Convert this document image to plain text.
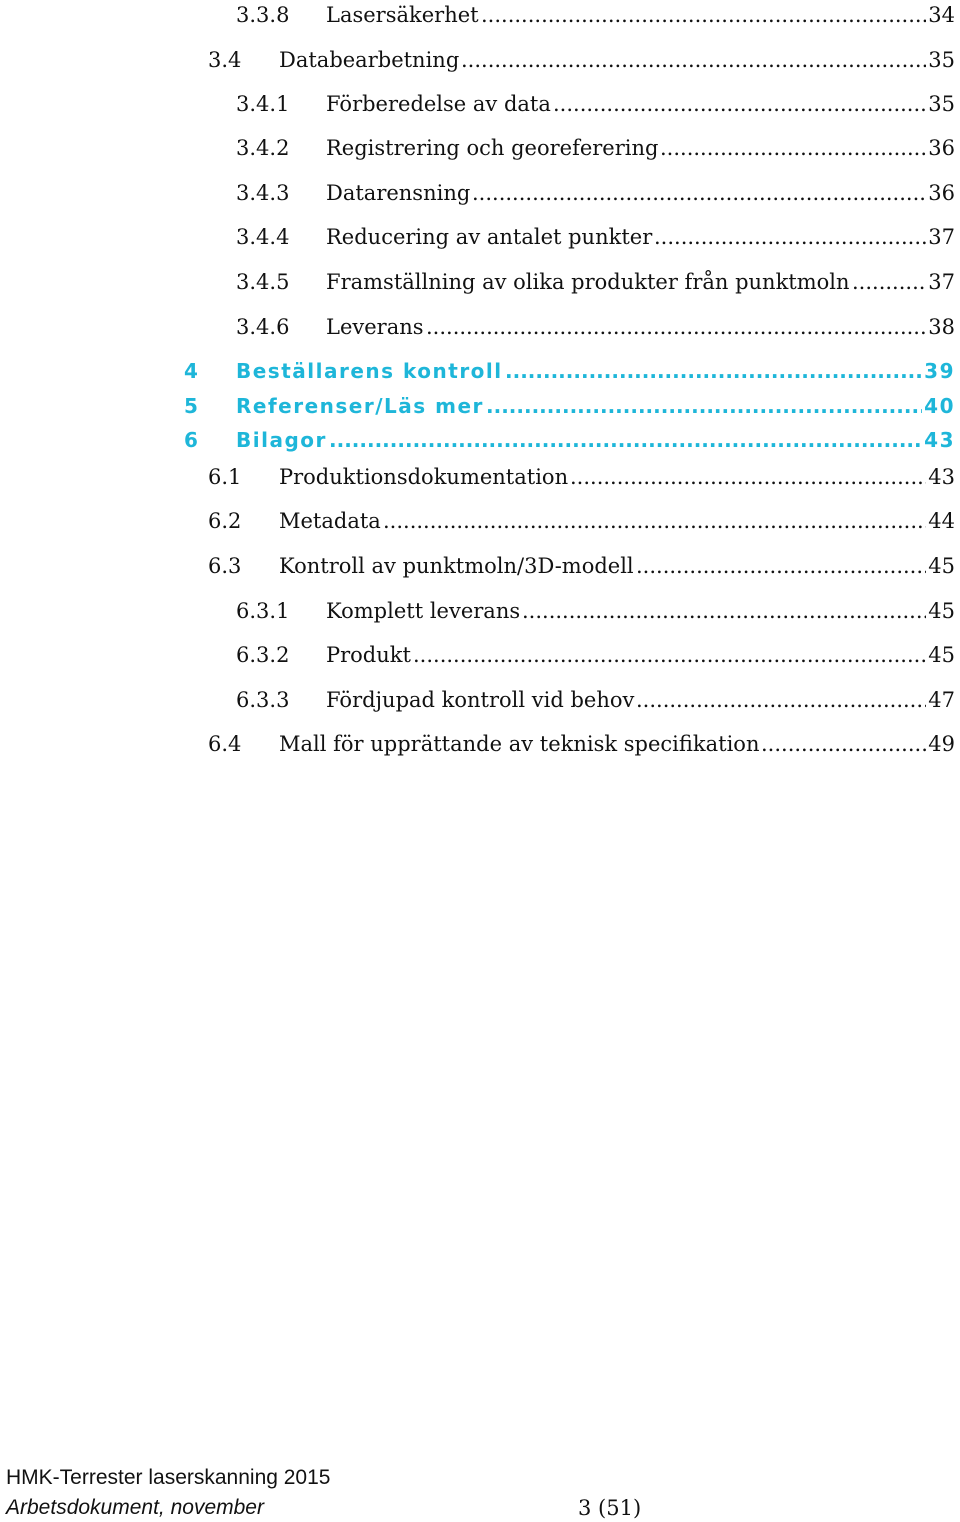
3.3.8 Lasersäkerhet .....	34
3.4 Databearbetning .....	35
3.4.1 Förberedelse av data .....	35
3.4.2 Registrering och georeferering .....	36
3.4.3 Datarensning .....	36
3.4.4 Reducering av antalet punkter .....	37
3.4.5 Framställning av olika produkter från punktmoln .....	37
3.4.6 Leverans .....	38
4 Beställarens kontroll .....	39
5 Referenser/Läs mer .....	40
6 Bilagor .....	43
6.1 Produktionsdokumentation .....	43
6.2 Metadata .....	44
6.3 Kontroll av punktmoln/3D-modell .....	45
6.3.1 Komplett leverans .....	45
6.3.2 Produkt .....	45
6.3.3 Fördjupad kontroll vid behov .....	47
6.4 Mall för upprättande av teknisk specifikation .....	49
HMK-Terrester laserskanning 2015
Arbetsdokument, november	3 (51)
